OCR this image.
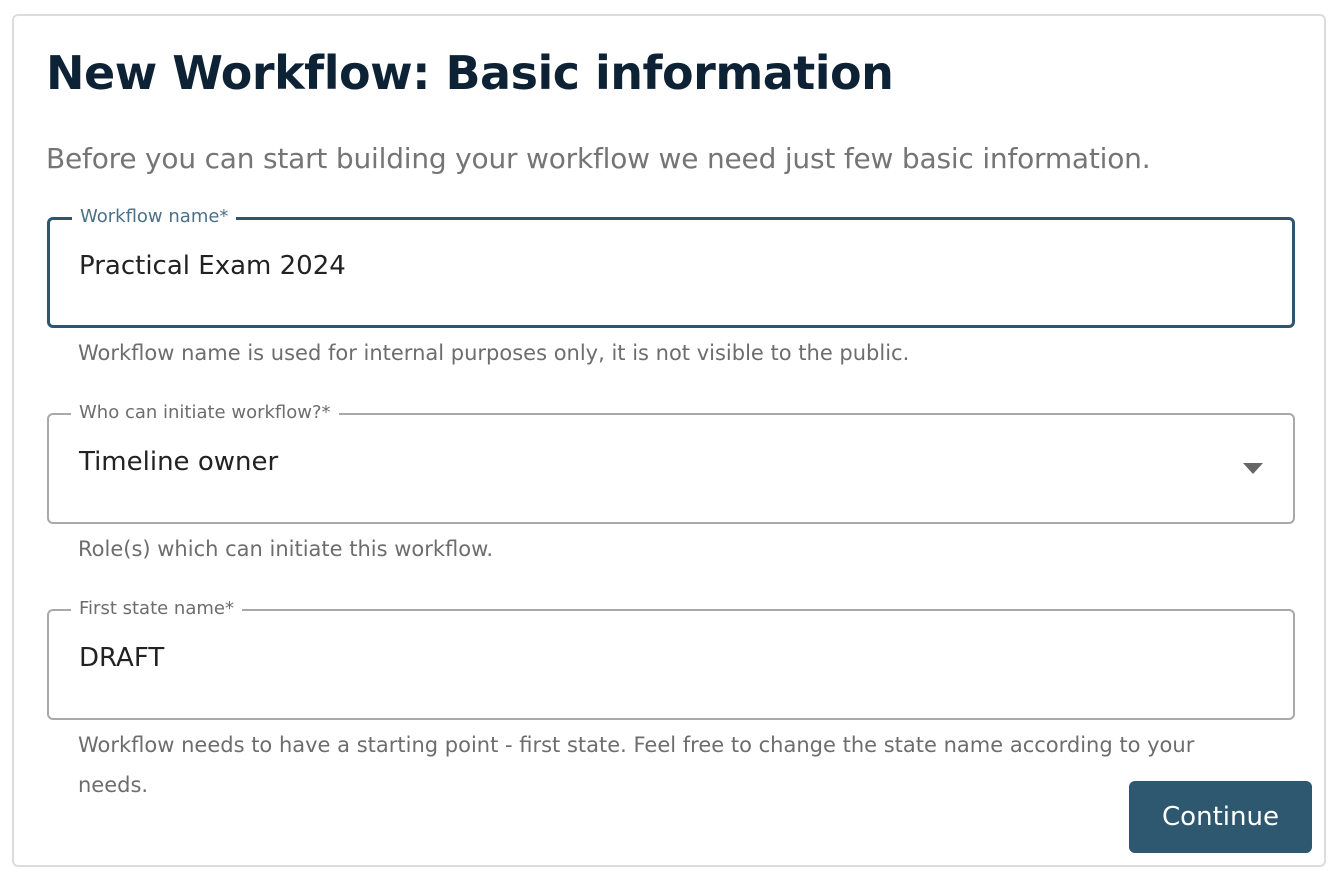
New Workflow: Basic information

Before you can start building your workflow we need just few basic information.

Workflow name*
Practical Exam 2024

Workflow name is used for internal purposes only, it is not visible to the public.

Who can initiate workflow?*
Timeline owner

Role(s) which can initiate this workflow.

First state name*
DRAFT

Workflow needs to have a starting point - first state. Feel free to change the state name according to your needs.

Continue
